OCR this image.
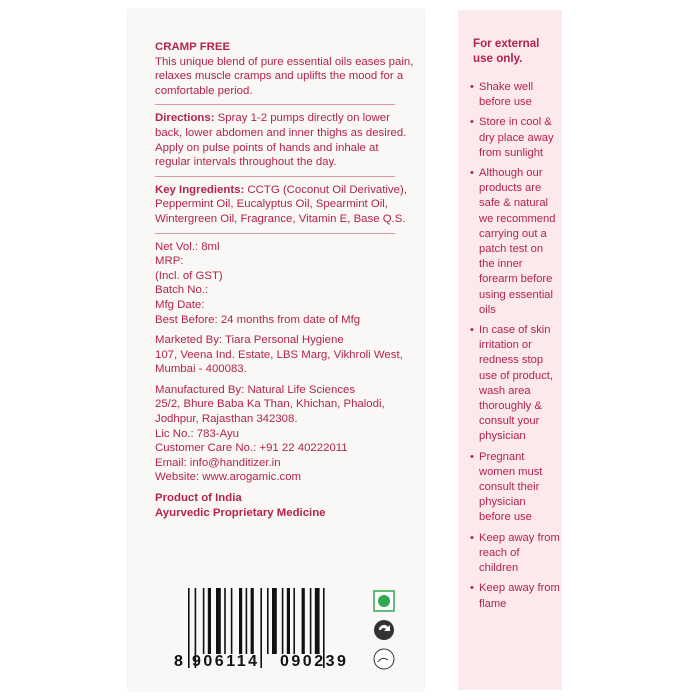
CRAMP FREE
This unique blend of pure essential oils eases pain, relaxes muscle cramps and uplifts the mood for a comfortable period.
Directions: Spray 1-2 pumps directly on lower back, lower abdomen and inner thighs as desired. Apply on pulse points of hands and inhale at regular intervals throughout the day.
Key Ingredients: CCTG (Coconut Oil Derivative), Peppermint Oil, Eucalyptus Oil, Spearmint Oil, Wintergreen Oil, Fragrance, Vitamin E, Base Q.S.
Net Vol.: 8ml
MRP:
(Incl. of GST)
Batch No.:
Mfg Date:
Best Before: 24 months from date of Mfg
Marketed By: Tiara Personal Hygiene
107, Veena Ind. Estate, LBS Marg, Vikhroli West,
Mumbai - 400083.
Manufactured By: Natural Life Sciences
25/2, Bhure Baba Ka Than, Khichan, Phalodi,
Jodhpur, Rajasthan 342308.
Lic No.: 783-Ayu
Customer Care No.: +91 22 40222011
Email: info@handitizer.in
Website: www.arogamic.com
Product of India
Ayurvedic Proprietary Medicine
8 906114 090239
For external use only.
• Shake well before use
• Store in cool & dry place away from sunlight
• Although our products are safe & natural we recommend carrying out a patch test on the inner forearm before using essential oils
• In case of skin irritation or redness stop use of product, wash area thoroughly & consult your physician
• Pregnant women must consult their physician before use
• Keep away from reach of children
• Keep away from flame
